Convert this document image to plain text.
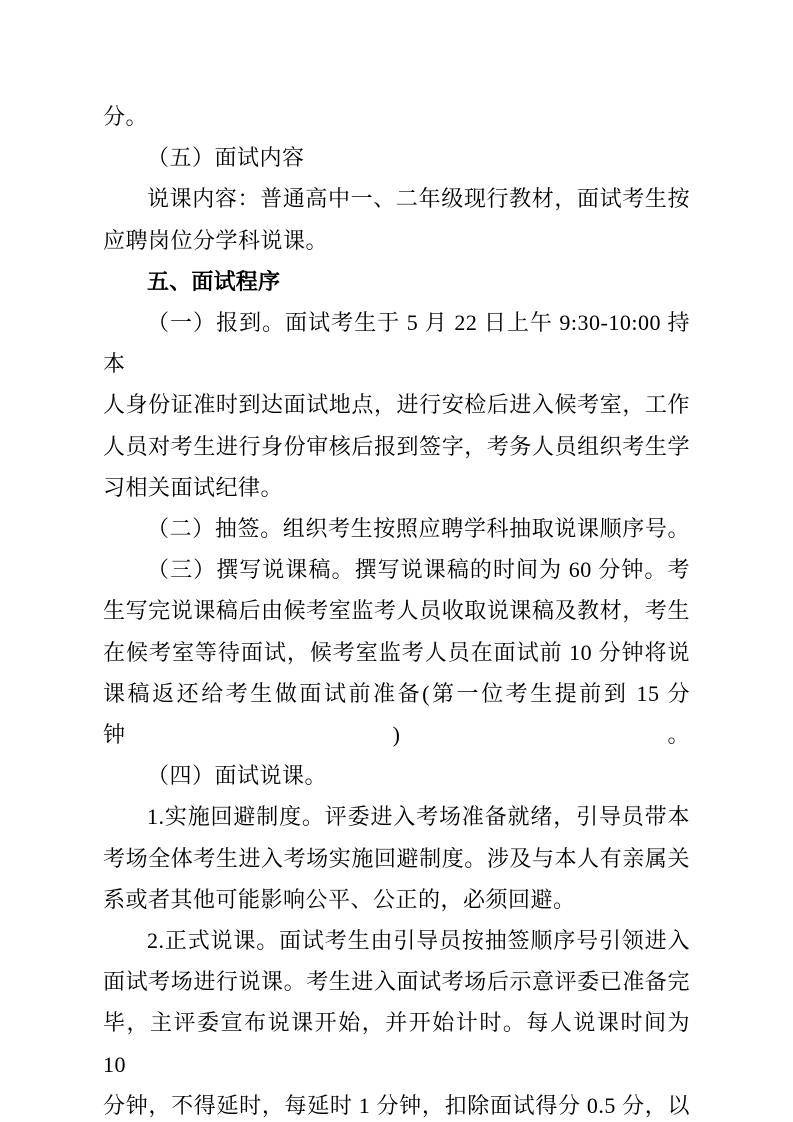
分。
（五）面试内容
说课内容：普通高中一、二年级现行教材，面试考生按
应聘岗位分学科说课。
五、面试程序
（一）报到。面试考生于 5 月 22 日上午 9:30-10:00 持本
人身份证准时到达面试地点，进行安检后进入候考室，工作
人员对考生进行身份审核后报到签字，考务人员组织考生学
习相关面试纪律。
（二）抽签。组织考生按照应聘学科抽取说课顺序号。
（三）撰写说课稿。撰写说课稿的时间为 60 分钟。考
生写完说课稿后由候考室监考人员收取说课稿及教材，考生
在候考室等待面试，候考室监考人员在面试前 10 分钟将说
课稿返还给考生做面试前准备(第一位考生提前到 15 分钟)。
（四）面试说课。
1.实施回避制度。评委进入考场准备就绪，引导员带本
考场全体考生进入考场实施回避制度。涉及与本人有亲属关
系或者其他可能影响公平、公正的，必须回避。
2.正式说课。面试考生由引导员按抽签顺序号引领进入
面试考场进行说课。考生进入面试考场后示意评委已准备完
毕，主评委宣布说课开始，并开始计时。每人说课时间为 10
分钟，不得延时，每延时 1 分钟，扣除面试得分 0.5 分，以
